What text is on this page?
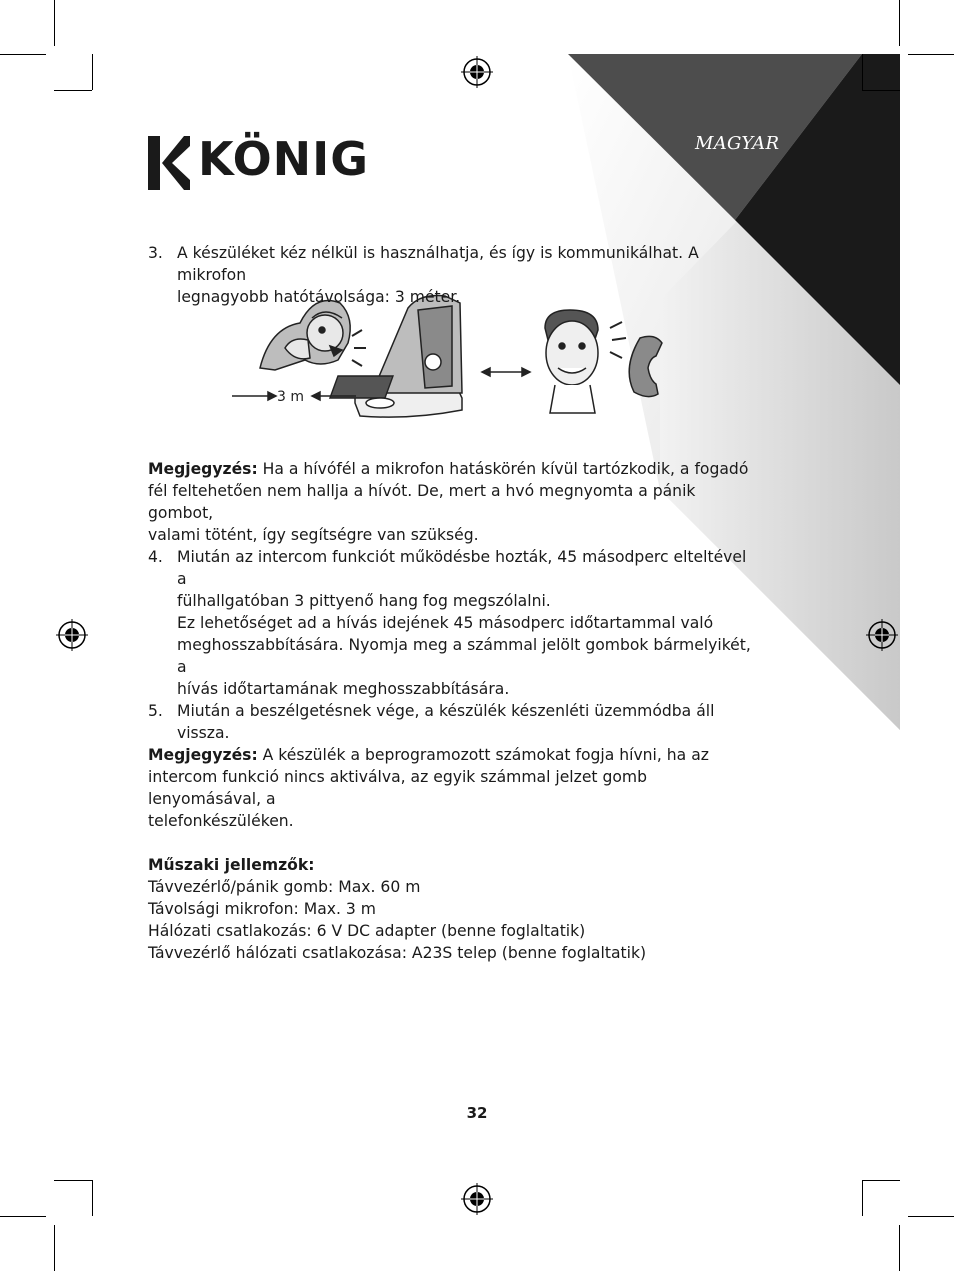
MAGYAR
KÖNIG
3 m
3. A készüléket kéz nélkül is használhatja, és így is kommunikálhat. A mikrofon
legnagyobb hatótávolsága: 3 méter.
Megjegyzés: Ha a hívófél a mikrofon hatáskörén kívül tartózkodik, a fogadó
fél feltehetően nem hallja a hívót. De, mert a hvó megnyomta a pánik gombot,
valami tötént, így segítségre van szükség.
4. Miután az intercom funkciót működésbe hozták, 45 másodperc elteltével a
fülhallgatóban 3 pittyenő hang fog megszólalni.
Ez lehetőséget ad a hívás idejének 45 másodperc időtartammal való
meghosszabbítására. Nyomja meg a számmal jelölt gombok bármelyikét, a
hívás időtartamának meghosszabbítására.
5. Miután a beszélgetésnek vége, a készülék készenléti üzemmódba áll vissza.
Megjegyzés: A készülék a beprogramozott számokat fogja hívni, ha az
intercom funkció nincs aktiválva, az egyik számmal jelzet gomb lenyomásával, a
telefonkészüléken.
Műszaki jellemzők:
Távvezérlő/pánik gomb: Max. 60 m
Távolsági mikrofon: Max. 3 m
Hálózati csatlakozás: 6 V DC adapter (benne foglaltatik)
Távvezérlő hálózati csatlakozása: A23S telep (benne foglaltatik)
32
